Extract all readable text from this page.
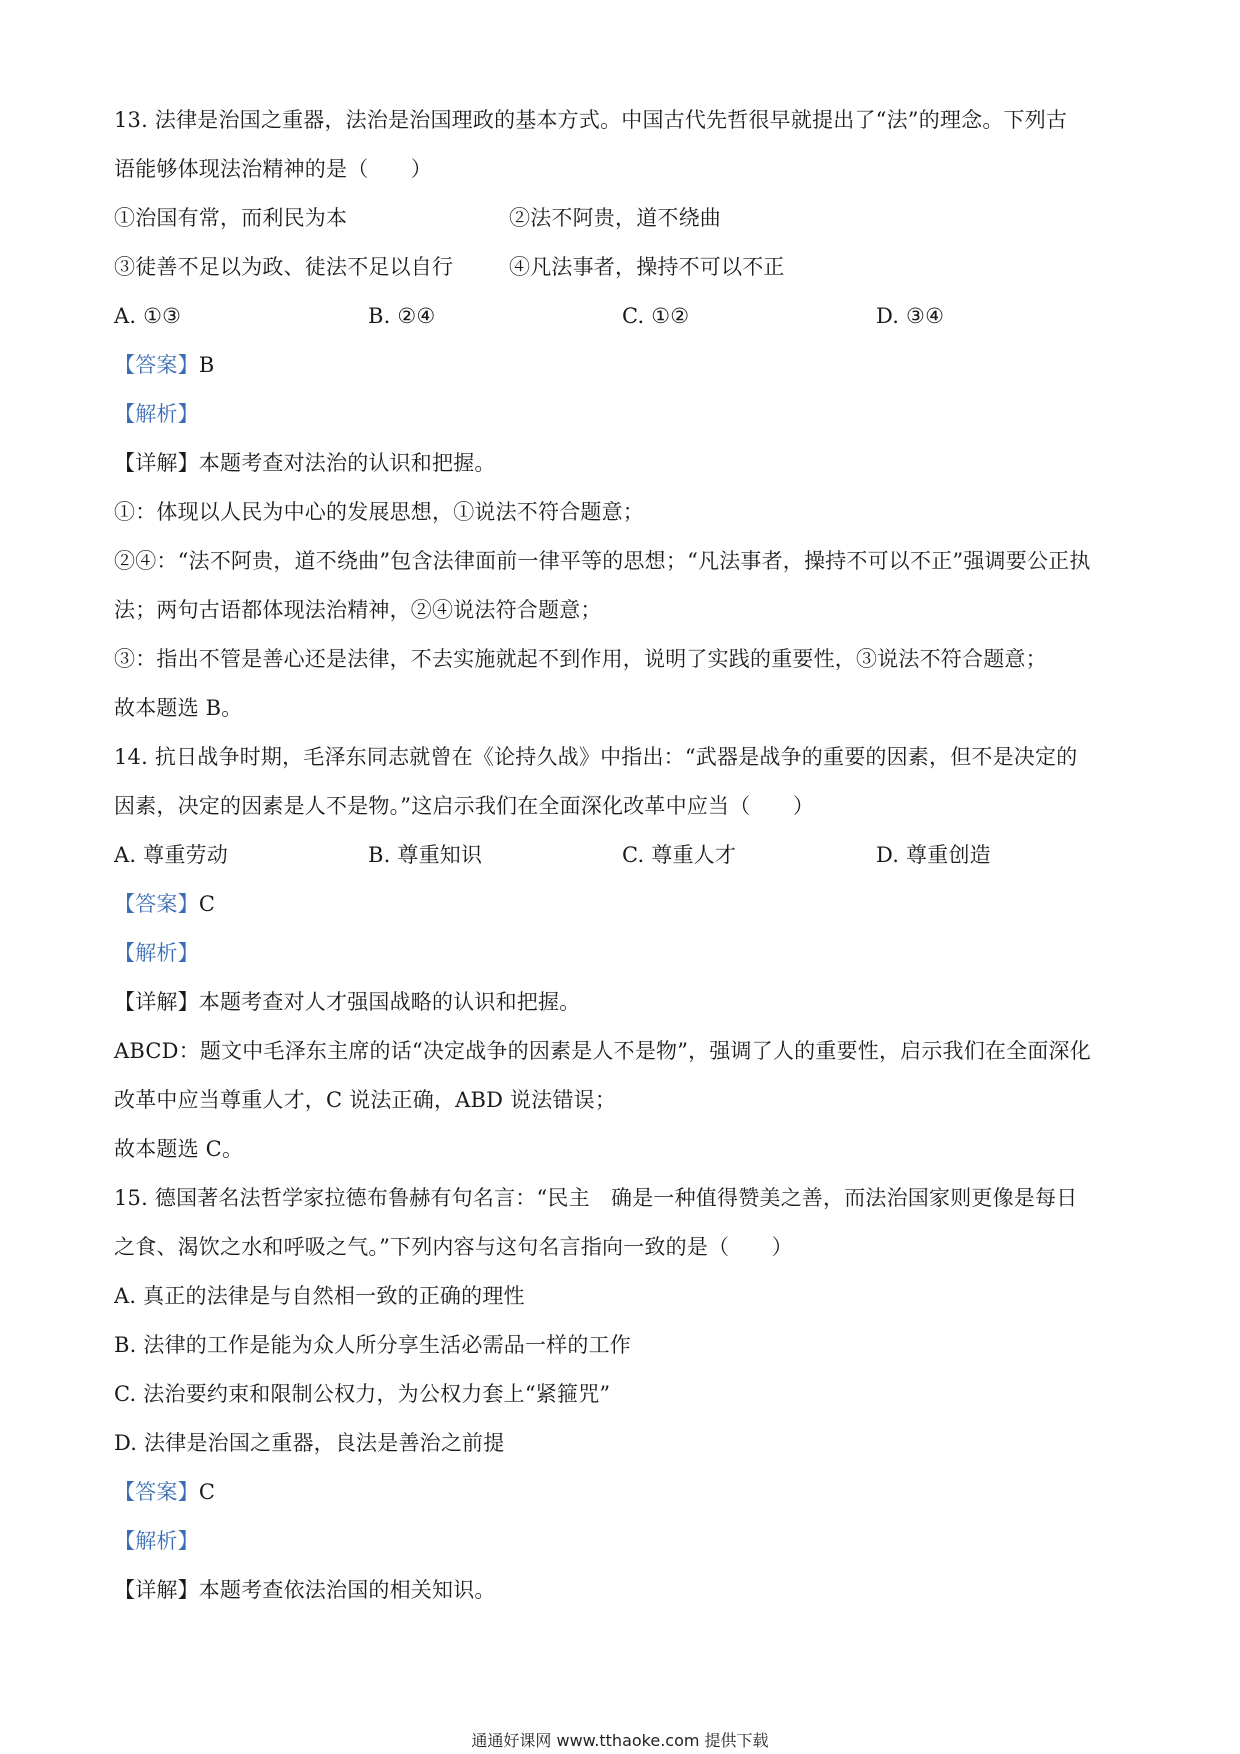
13. 法律是治国之重器，法治是治国理政的基本方式。中国古代先哲很早就提出了“法”的理念。下列古
语能够体现法治精神的是（　　）
①治国有常，而利民为本	②法不阿贵，道不绕曲
③徒善不足以为政、徒法不足以自行	④凡法事者，操持不可以不正
A. ①③	B. ②④	C. ①②	D. ③④
【答案】B
【解析】
【详解】本题考查对法治的认识和把握。
①：体现以人民为中心的发展思想，①说法不符合题意；
②④：“法不阿贵，道不绕曲”包含法律面前一律平等的思想；“凡法事者，操持不可以不正”强调要公正执
法；两句古语都体现法治精神，②④说法符合题意；
③：指出不管是善心还是法律，不去实施就起不到作用，说明了实践的重要性，③说法不符合题意；
故本题选 B。
14. 抗日战争时期，毛泽东同志就曾在《论持久战》中指出：“武器是战争的重要的因素，但不是决定的
因素，决定的因素是人不是物。”这启示我们在全面深化改革中应当（　　）
A. 尊重劳动	B. 尊重知识	C. 尊重人才	D. 尊重创造
【答案】C
【解析】
【详解】本题考查对人才强国战略的认识和把握。
ABCD：题文中毛泽东主席的话“决定战争的因素是人不是物”，强调了人的重要性，启示我们在全面深化
改革中应当尊重人才，C 说法正确，ABD 说法错误；
故本题选 C。
15. 德国著名法哲学家拉德布鲁赫有句名言：“民主　确是一种值得赞美之善，而法治国家则更像是每日
之食、渴饮之水和呼吸之气。”下列内容与这句名言指向一致的是（　　）
A. 真正的法律是与自然相一致的正确的理性
B. 法律的工作是能为众人所分享生活必需品一样的工作
C. 法治要约束和限制公权力，为公权力套上“紧箍咒”
D. 法律是治国之重器，良法是善治之前提
【答案】C
【解析】
【详解】本题考查依法治国的相关知识。
通通好课网 www.tthaoke.com 提供下载
